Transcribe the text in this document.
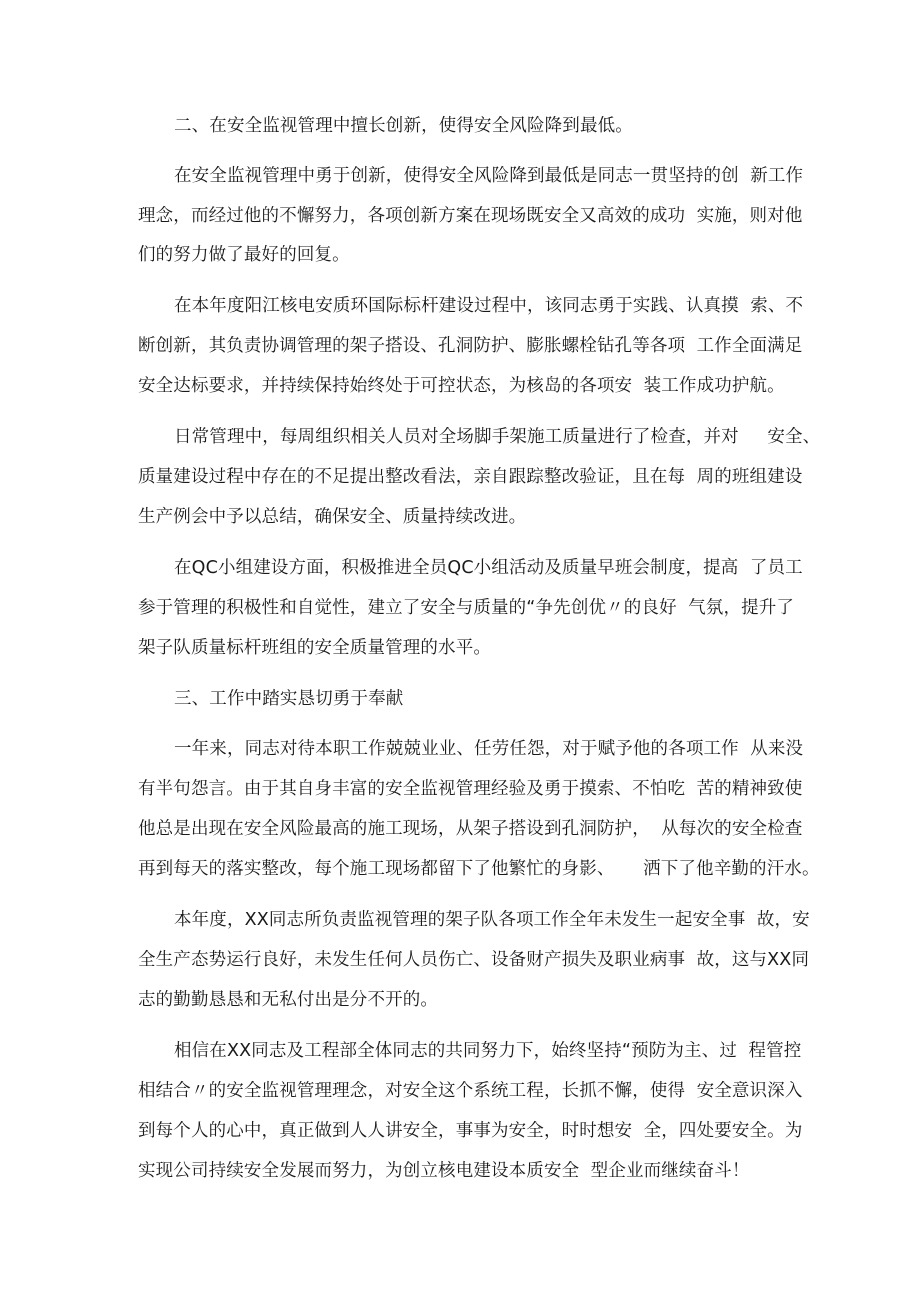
二、在安全监视管理中擅长创新，使得安全风险降到最低。
在安全监视管理中勇于创新，使得安全风险降到最低是同志一贯坚持的创  新工作
理念，而经过他的不懈努力，各项创新方案在现场既安全又高效的成功  实施，则对他
们的努力做了最好的回复。
在本年度阳江核电安质环国际标杆建设过程中，该同志勇于实践、认真摸  索、不
断创新，其负责协调管理的架子搭设、孔洞防护、膨胀螺栓钻孔等各项  工作全面满足
安全达标要求，并持续保持始终处于可控状态，为核岛的各项安  装工作成功护航。
日常管理中，每周组织相关人员对全场脚手架施工质量进行了检查，并对     安全、
质量建设过程中存在的不足提出整改看法，亲自跟踪整改验证，且在每  周的班组建设
生产例会中予以总结，确保安全、质量持续改进。
在QC小组建设方面，积极推进全员QC小组活动及质量早班会制度，提高  了员工
参于管理的积极性和自觉性，建立了安全与质量的“争先创优〃的良好  气氛，提升了
架子队质量标杆班组的安全质量管理的水平。
三、工作中踏实恳切勇于奉献
一年来，同志对待本职工作兢兢业业、任劳任怨，对于赋予他的各项工作  从来没
有半句怨言。由于其自身丰富的安全监视管理经验及勇于摸索、不怕吃  苦的精神致使
他总是出现在安全风险最高的施工现场，从架子搭设到孔洞防护，  从每次的安全检查
再到每天的落实整改，每个施工现场都留下了他繁忙的身影、     洒下了他辛勤的汗水。
本年度，XX同志所负责监视管理的架子队各项工作全年未发生一起安全事  故，安
全生产态势运行良好，未发生任何人员伤亡、设备财产损失及职业病事  故，这与XX同
志的勤勤恳恳和无私付出是分不开的。
相信在XX同志及工程部全体同志的共同努力下，始终坚持“预防为主、过  程管控
相结合〃的安全监视管理理念，对安全这个系统工程，长抓不懈，使得  安全意识深入
到每个人的心中，真正做到人人讲安全，事事为安全，时时想安  全，四处要安全。为
实现公司持续安全发展而努力，为创立核电建设本质安全  型企业而继续奋斗！
